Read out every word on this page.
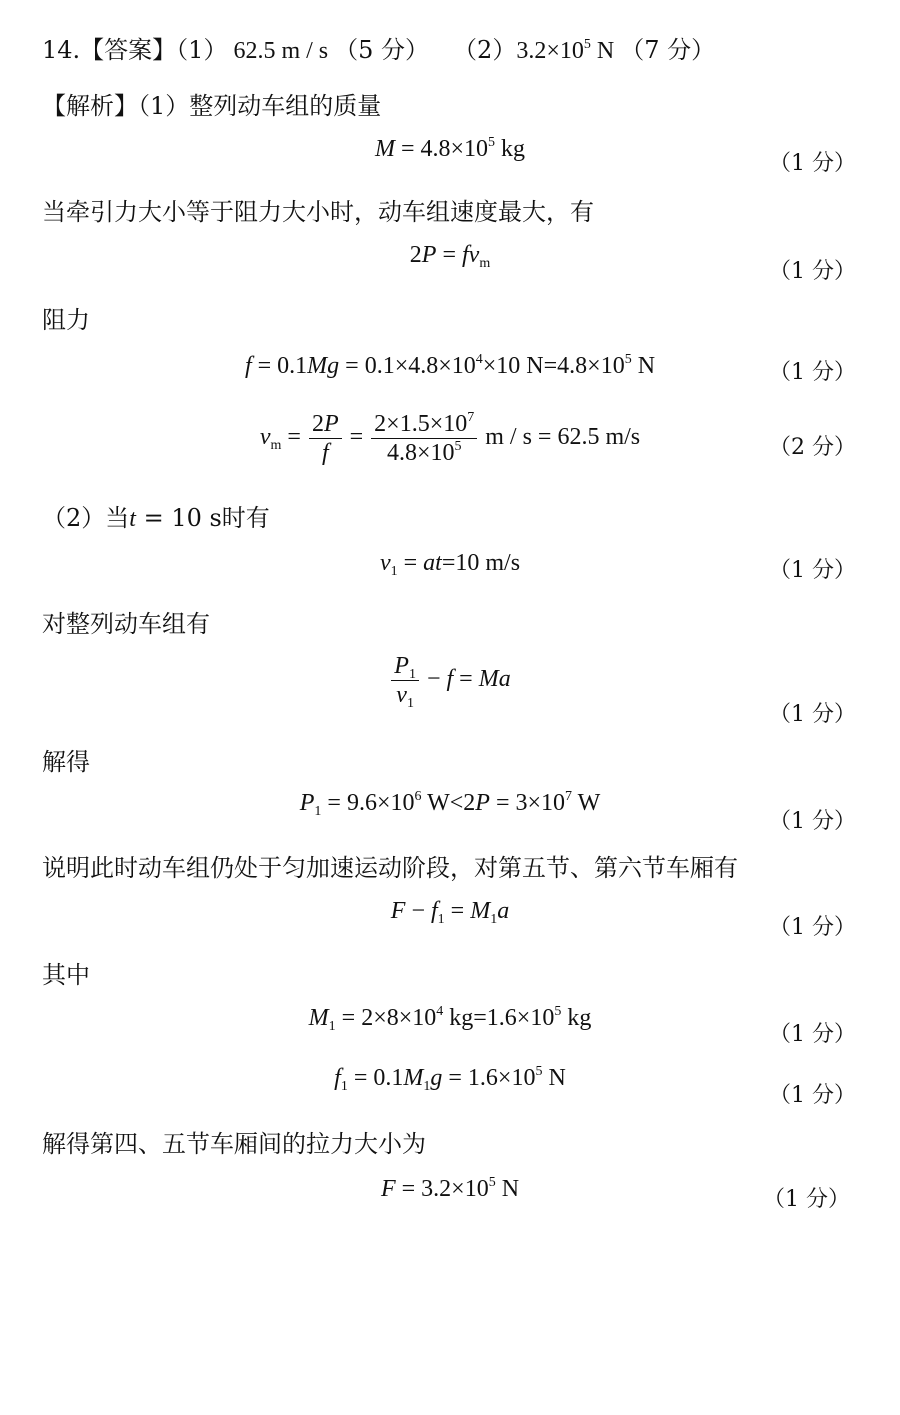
14.【答案】（1） 62.5 m / s （5 分） $(2)3.2\times 10^5$ N （7 分）
【解析】（1）整列动车组的质量
$M = 4.8\times 10^5$ kg
（1 分）
当牵引力大小等于阻力大小时，动车组速度最大，有
$2P = fv_m$	（1 分）
阻力
$f = 0.1Mg = 0.1\times 4.8\times 10^4\times 10$ $N=4.8\times 10^5$ N	（1 分）
$v_m = \frac{2P}{f} = \frac{2\times 1.5\times 10^7}{4.8\times 10^5}$ m / s = 62.5 m/s	（2 分）
（2）当t = 10 s时有
$v_1 = at=10$ m/s	（1 分）
对整列动车组有
$\frac{P_1}{v_1} - f = Ma$
（1 分）
解得
$P_1 = 9.6\times 10^6$ $W<2P = 3\times 10^7$ W
（1 分）
说明此时动车组仍处于匀加速运动阶段，对第五节、第六节车厢有
$F - f_1 = M_1a$
（1 分）
其中
$M_1 = 2\times 8\times 10^4$ $kg=1.6\times 10^5$ kg
（1 分）
$f_1 = 0.1M_1g = 1.6\times 10^5$ N
（1 分）
解得第四、五节车厢间的拉力大小为
$F = 3.2\times 10^5$ N	（1 分）
